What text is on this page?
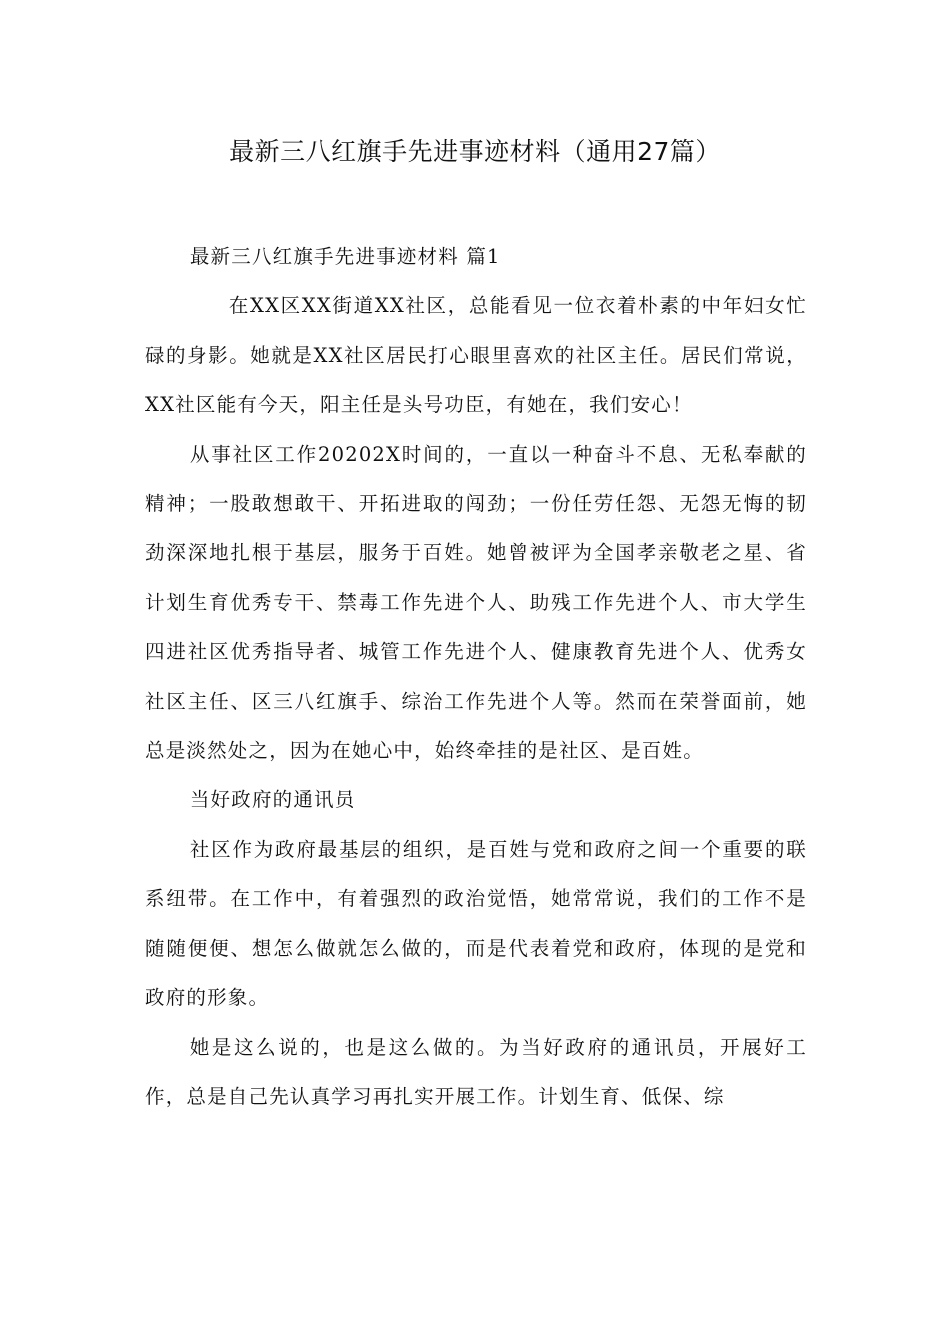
最新三八红旗手先进事迹材料（通用27篇）

最新三八红旗手先进事迹材料 篇1

在XX区XX街道XX社区，总能看见一位衣着朴素的中年妇女忙碌的身影。她就是XX社区居民打心眼里喜欢的社区主任。居民们常说，XX社区能有今天，阳主任是头号功臣，有她在，我们安心！

从事社区工作20202X时间的，一直以一种奋斗不息、无私奉献的精神；一股敢想敢干、开拓进取的闯劲；一份任劳任怨、无怨无悔的韧劲深深地扎根于基层，服务于百姓。她曾被评为全国孝亲敬老之星、省计划生育优秀专干、禁毒工作先进个人、助残工作先进个人、市大学生四进社区优秀指导者、城管工作先进个人、健康教育先进个人、优秀女社区主任、区三八红旗手、综治工作先进个人等。然而在荣誉面前，她总是淡然处之，因为在她心中，始终牵挂的是社区、是百姓。

当好政府的通讯员

社区作为政府最基层的组织，是百姓与党和政府之间一个重要的联系纽带。在工作中，有着强烈的政治觉悟，她常常说，我们的工作不是随随便便、想怎么做就怎么做的，而是代表着党和政府，体现的是党和政府的形象。

她是这么说的，也是这么做的。为当好政府的通讯员，开展好工作，总是自己先认真学习再扎实开展工作。计划生育、低保、综
